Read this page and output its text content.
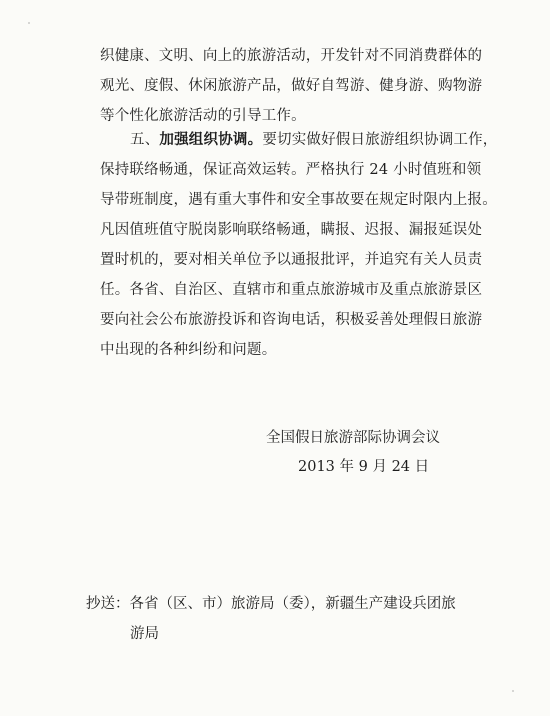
织健康、文明、向上的旅游活动，开发针对不同消费群体的
观光、度假、休闲旅游产品，做好自驾游、健身游、购物游
等个性化旅游活动的引导工作。
五、加强组织协调。要切实做好假日旅游组织协调工作，
保持联络畅通，保证高效运转。严格执行 24 小时值班和领
导带班制度，遇有重大事件和安全事故要在规定时限内上报。
凡因值班值守脱岗影响联络畅通，瞒报、迟报、漏报延误处
置时机的，要对相关单位予以通报批评，并追究有关人员责
任。各省、自治区、直辖市和重点旅游城市及重点旅游景区
要向社会公布旅游投诉和咨询电话，积极妥善处理假日旅游
中出现的各种纠纷和问题。
全国假日旅游部际协调会议
2013 年 9 月 24 日
抄送：各省（区、市）旅游局（委），新疆生产建设兵团旅
游局
